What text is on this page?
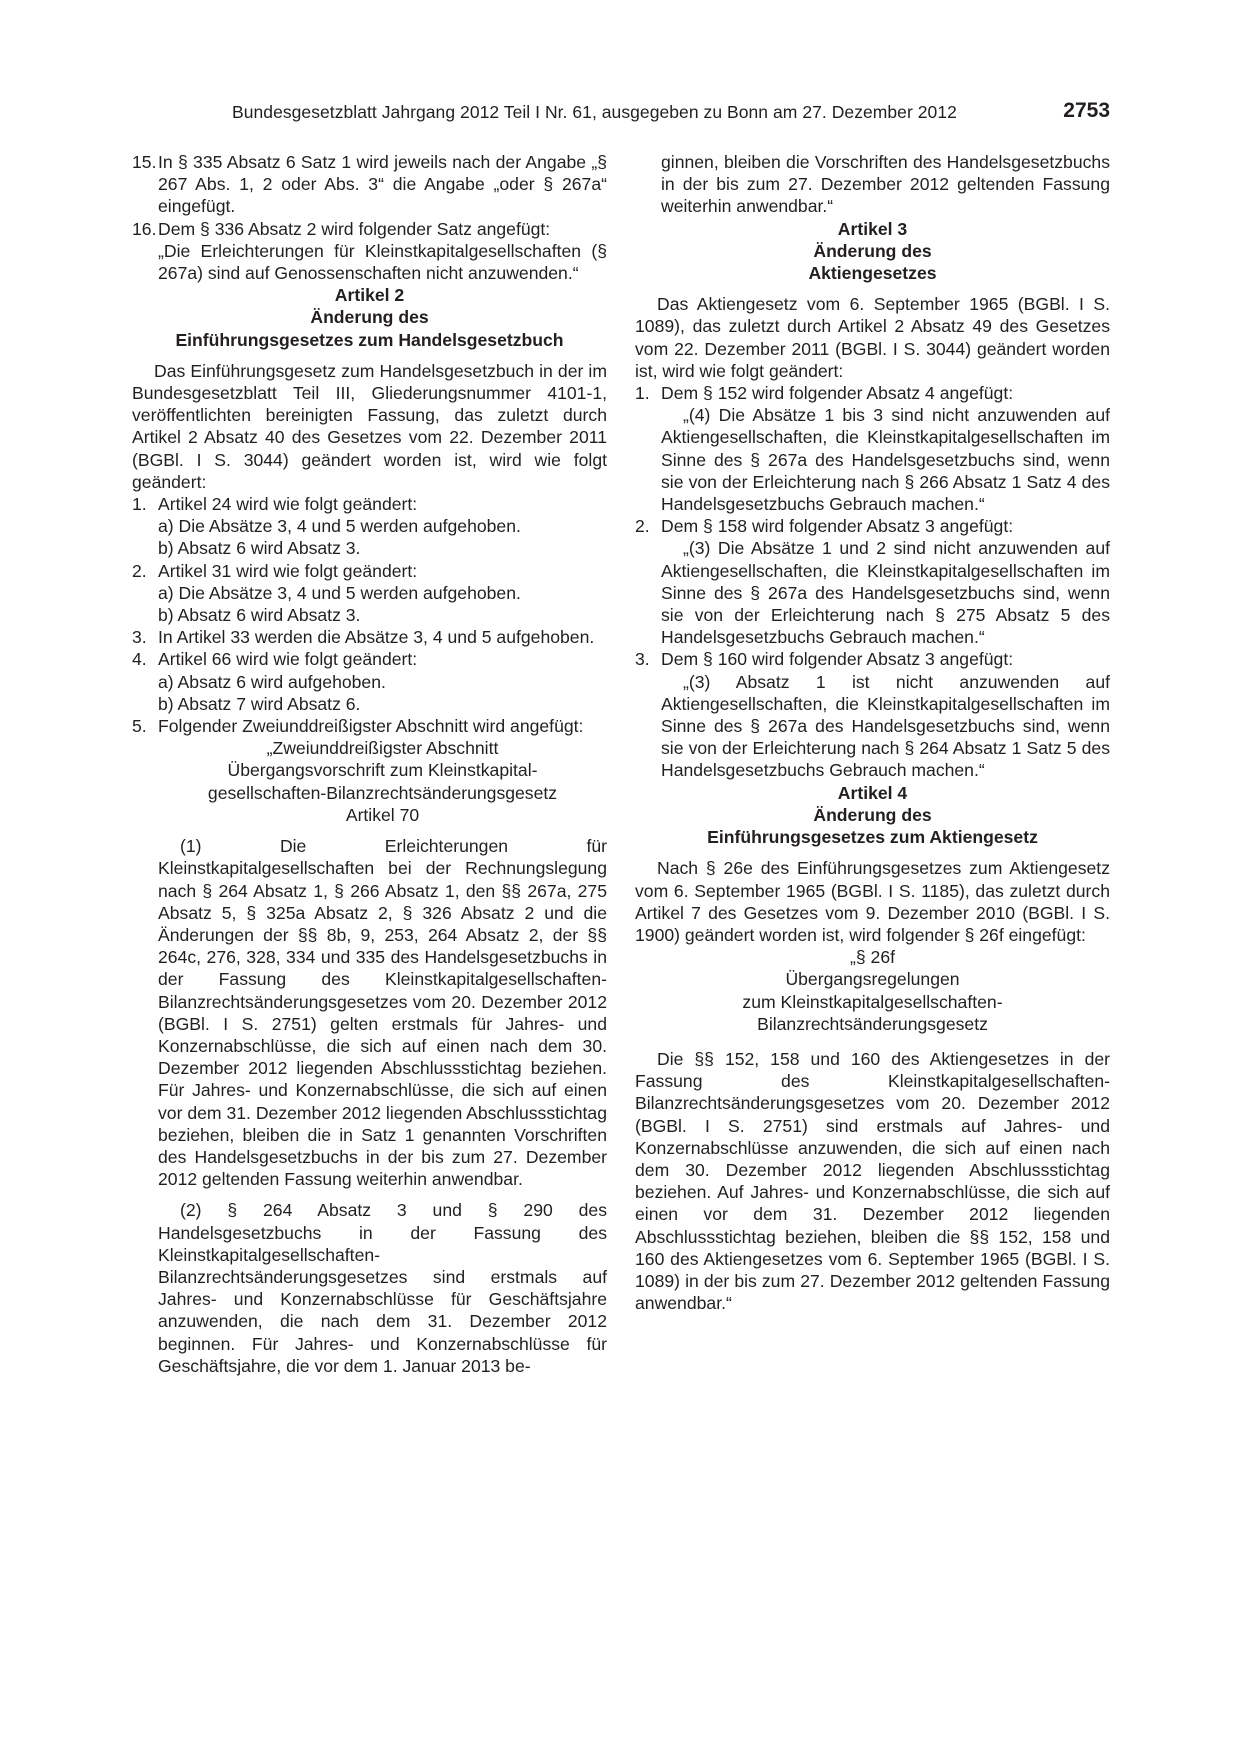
Bundesgesetzblatt Jahrgang 2012 Teil I Nr. 61, ausgegeben zu Bonn am 27. Dezember 2012	2753

15. In § 335 Absatz 6 Satz 1 wird jeweils nach der Angabe „§ 267 Abs. 1, 2 oder Abs. 3“ die Angabe „oder § 267a“ eingefügt.

16. Dem § 336 Absatz 2 wird folgender Satz angefügt:

„Die Erleichterungen für Kleinstkapitalgesellschaften (§ 267a) sind auf Genossenschaften nicht anzuwenden.“

Artikel 2

Änderung des

Einführungsgesetzes zum Handelsgesetzbuch

Das Einführungsgesetz zum Handelsgesetzbuch in der im Bundesgesetzblatt Teil III, Gliederungsnummer 4101-1, veröffentlichten bereinigten Fassung, das zuletzt durch Artikel 2 Absatz 40 des Gesetzes vom 22. Dezember 2011 (BGBl. I S. 3044) geändert worden ist, wird wie folgt geändert:

1. Artikel 24 wird wie folgt geändert:

a) Die Absätze 3, 4 und 5 werden aufgehoben.

b) Absatz 6 wird Absatz 3.

2. Artikel 31 wird wie folgt geändert:

a) Die Absätze 3, 4 und 5 werden aufgehoben.

b) Absatz 6 wird Absatz 3.

3. In Artikel 33 werden die Absätze 3, 4 und 5 aufgehoben.

4. Artikel 66 wird wie folgt geändert:

a) Absatz 6 wird aufgehoben.

b) Absatz 7 wird Absatz 6.

5. Folgender Zweiunddreißigster Abschnitt wird angefügt:

„Zweiunddreißigster Abschnitt

Übergangsvorschrift zum Kleinstkapital-

gesellschaften-Bilanzrechtsänderungsgesetz

Artikel 70

(1) Die Erleichterungen für Kleinstkapitalgesellschaften bei der Rechnungslegung nach § 264 Absatz 1, § 266 Absatz 1, den §§ 267a, 275 Absatz 5, § 325a Absatz 2, § 326 Absatz 2 und die Änderungen der §§ 8b, 9, 253, 264 Absatz 2, der §§ 264c, 276, 328, 334 und 335 des Handelsgesetzbuchs in der Fassung des Kleinstkapitalgesellschaften-Bilanzrechtsänderungsgesetzes vom 20. Dezember 2012 (BGBl. I S. 2751) gelten erstmals für Jahres- und Konzernabschlüsse, die sich auf einen nach dem 30. Dezember 2012 liegenden Abschlussstichtag beziehen. Für Jahres- und Konzernabschlüsse, die sich auf einen vor dem 31. Dezember 2012 liegenden Abschlussstichtag beziehen, bleiben die in Satz 1 genannten Vorschriften des Handelsgesetzbuchs in der bis zum 27. Dezember 2012 geltenden Fassung weiterhin anwendbar.

(2) § 264 Absatz 3 und § 290 des Handelsgesetzbuchs in der Fassung des Kleinstkapitalgesellschaften-Bilanzrechtsänderungsgesetzes sind erstmals auf Jahres- und Konzernabschlüsse für Geschäftsjahre anzuwenden, die nach dem 31. Dezember 2012 beginnen. Für Jahres- und Konzernabschlüsse für Geschäftsjahre, die vor dem 1. Januar 2013 be-

ginnen, bleiben die Vorschriften des Handelsgesetzbuchs in der bis zum 27. Dezember 2012 geltenden Fassung weiterhin anwendbar.“

Artikel 3

Änderung des

Aktiengesetzes

Das Aktiengesetz vom 6. September 1965 (BGBl. I S. 1089), das zuletzt durch Artikel 2 Absatz 49 des Gesetzes vom 22. Dezember 2011 (BGBl. I S. 3044) geändert worden ist, wird wie folgt geändert:

1. Dem § 152 wird folgender Absatz 4 angefügt:

„(4) Die Absätze 1 bis 3 sind nicht anzuwenden auf Aktiengesellschaften, die Kleinstkapitalgesellschaften im Sinne des § 267a des Handelsgesetzbuchs sind, wenn sie von der Erleichterung nach § 266 Absatz 1 Satz 4 des Handelsgesetzbuchs Gebrauch machen.“

2. Dem § 158 wird folgender Absatz 3 angefügt:

„(3) Die Absätze 1 und 2 sind nicht anzuwenden auf Aktiengesellschaften, die Kleinstkapitalgesellschaften im Sinne des § 267a des Handelsgesetzbuchs sind, wenn sie von der Erleichterung nach § 275 Absatz 5 des Handelsgesetzbuchs Gebrauch machen.“

3. Dem § 160 wird folgender Absatz 3 angefügt:

„(3) Absatz 1 ist nicht anzuwenden auf Aktiengesellschaften, die Kleinstkapitalgesellschaften im Sinne des § 267a des Handelsgesetzbuchs sind, wenn sie von der Erleichterung nach § 264 Absatz 1 Satz 5 des Handelsgesetzbuchs Gebrauch machen.“

Artikel 4

Änderung des

Einführungsgesetzes zum Aktiengesetz

Nach § 26e des Einführungsgesetzes zum Aktiengesetz vom 6. September 1965 (BGBl. I S. 1185), das zuletzt durch Artikel 7 des Gesetzes vom 9. Dezember 2010 (BGBl. I S. 1900) geändert worden ist, wird folgender § 26f eingefügt:

„§ 26f

Übergangsregelungen

zum Kleinstkapitalgesellschaften-

Bilanzrechtsänderungsgesetz

Die §§ 152, 158 und 160 des Aktiengesetzes in der Fassung des Kleinstkapitalgesellschaften-Bilanzrechtsänderungsgesetzes vom 20. Dezember 2012 (BGBl. I S. 2751) sind erstmals auf Jahres- und Konzernabschlüsse anzuwenden, die sich auf einen nach dem 30. Dezember 2012 liegenden Abschlussstichtag beziehen. Auf Jahres- und Konzernabschlüsse, die sich auf einen vor dem 31. Dezember 2012 liegenden Abschlussstichtag beziehen, bleiben die §§ 152, 158 und 160 des Aktiengesetzes vom 6. September 1965 (BGBl. I S. 1089) in der bis zum 27. Dezember 2012 geltenden Fassung anwendbar.“
